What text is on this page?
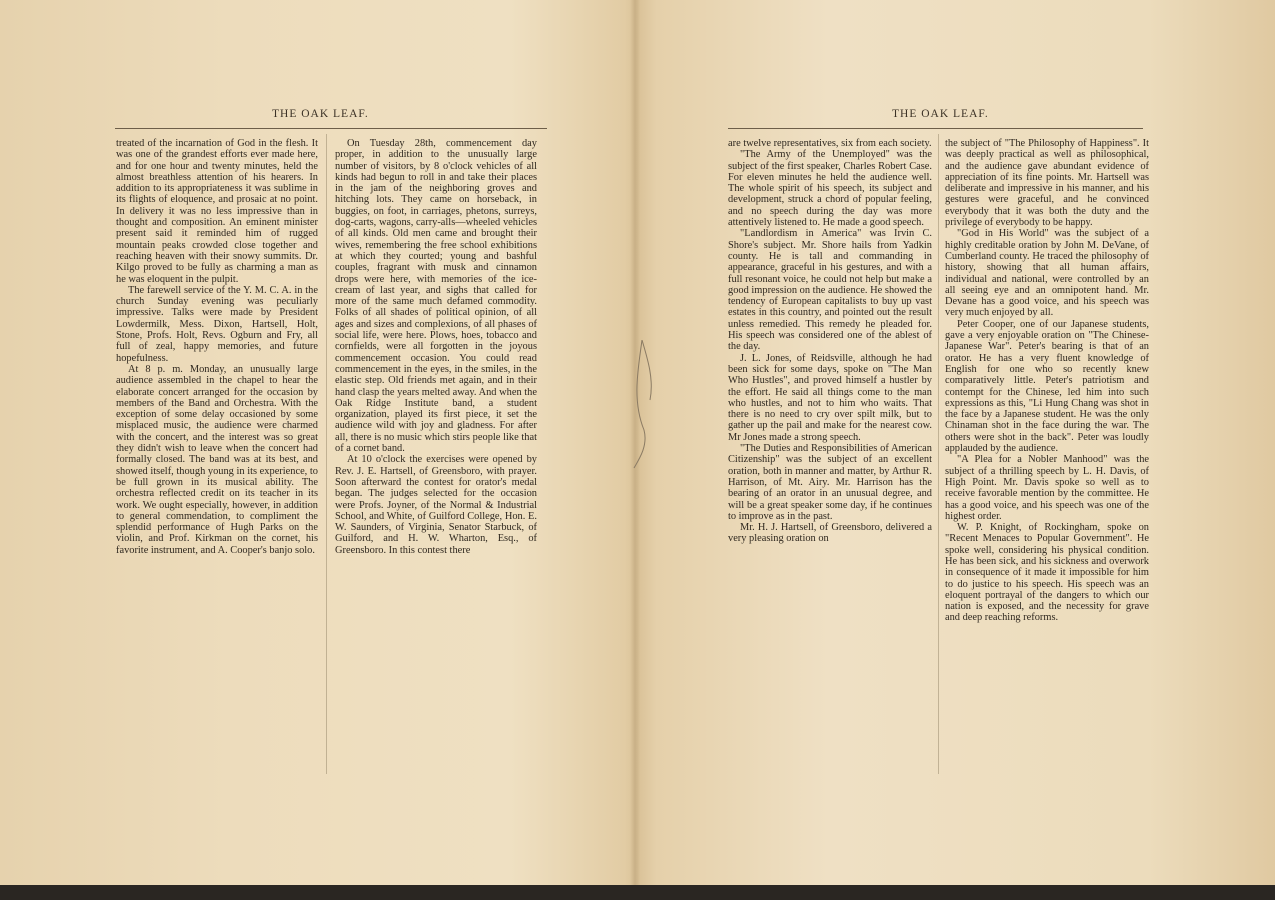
THE OAK LEAF.

treated of the incarnation of God in the flesh. It was one of the grandest efforts ever made here, and for one hour and twenty minutes, held the almost breathless attention of his hearers. In addition to its appropriateness it was sublime in its flights of eloquence, and prosaic at no point. In delivery it was no less impressive than in thought and composition. An eminent minister present said it reminded him of rugged mountain peaks crowded close together and reaching heaven with their snowy summits. Dr. Kilgo proved to be fully as charming a man as he was eloquent in the pulpit.

The farewell service of the Y. M. C. A. in the church Sunday evening was peculiarly impressive. Talks were made by President Lowdermilk, Mess. Dixon, Hartsell, Holt, Stone, Profs. Holt, Revs. Ogburn and Fry, all full of zeal, happy memories, and future hopefulness.

At 8 p. m. Monday, an unusually large audience assembled in the chapel to hear the elaborate concert arranged for the occasion by members of the Band and Orchestra. With the exception of some delay occasioned by some misplaced music, the audience were charmed with the concert, and the interest was so great they didn't wish to leave when the concert had formally closed. The band was at its best, and showed itself, though young in its experience, to be full grown in its musical ability. The orchestra reflected credit on its teacher in its work. We ought especially, however, in addition to general commendation, to compliment the splendid performance of Hugh Parks on the violin, and Prof. Kirkman on the cornet, his favorite instrument, and A. Cooper's banjo solo.

On Tuesday 28th, commencement day proper, in addition to the unusually large number of visitors, by 8 o'clock vehicles of all kinds had begun to roll in and take their places in the jam of the neighboring groves and hitching lots. They came on horseback, in buggies, on foot, in carriages, phetons, surreys, dog-carts, wagons, carry-alls—wheeled vehicles of all kinds. Old men came and brought their wives, remembering the free school exhibitions at which they courted; young and bashful couples, fragrant with musk and cinnamon drops were here, with memories of the ice-cream of last year, and sighs that called for more of the same much defamed commodity. Folks of all shades of political opinion, of all ages and sizes and complexions, of all phases of social life, were here. Plows, hoes, tobacco and cornfields, were all forgotten in the joyous commencement occasion. You could read commencement in the eyes, in the smiles, in the elastic step. Old friends met again, and in their hand clasp the years melted away. And when the Oak Ridge Institute band, a student organization, played its first piece, it set the audience wild with joy and gladness. For after all, there is no music which stirs people like that of a cornet band.

At 10 o'clock the exercises were opened by Rev. J. E. Hartsell, of Greensboro, with prayer. Soon afterward the contest for orator's medal began. The judges selected for the occasion were Profs. Joyner, of the Normal & Industrial School, and White, of Guilford College, Hon. E. W. Saunders, of Virginia, Senator Starbuck, of Guilford, and H. W. Wharton, Esq., of Greensboro. In this contest there

THE OAK LEAF.

are twelve representatives, six from each society.

"The Army of the Unemployed" was the subject of the first speaker, Charles Robert Case. For eleven minutes he held the audience well. The whole spirit of his speech, its subject and development, struck a chord of popular feeling, and no speech during the day was more attentively listened to. He made a good speech.

"Landlordism in America" was Irvin C. Shore's subject. Mr. Shore hails from Yadkin county. He is tall and commanding in appearance, graceful in his gestures, and with a full resonant voice, he could not help but make a good impression on the audience. He showed the tendency of European capitalists to buy up vast estates in this country, and pointed out the result unless remedied. This remedy he pleaded for. His speech was considered one of the ablest of the day.

J. L. Jones, of Reidsville, although he had been sick for some days, spoke on "The Man Who Hustles", and proved himself a hustler by the effort. He said all things come to the man who hustles, and not to him who waits. That there is no need to cry over spilt milk, but to gather up the pail and make for the nearest cow. Mr Jones made a strong speech.

"The Duties and Responsibilities of American Citizenship" was the subject of an excellent oration, both in manner and matter, by Arthur R. Harrison, of Mt. Airy. Mr. Harrison has the bearing of an orator in an unusual degree, and will be a great speaker some day, if he continues to improve as in the past.

Mr. H. J. Hartsell, of Greensboro, delivered a very pleasing oration on

the subject of "The Philosophy of Happiness". It was deeply practical as well as philosophical, and the audience gave abundant evidence of appreciation of its fine points. Mr. Hartsell was deliberate and impressive in his manner, and his gestures were graceful, and he convinced everybody that it was both the duty and the privilege of everybody to be happy.

"God in His World" was the subject of a highly creditable oration by John M. DeVane, of Cumberland county. He traced the philosophy of history, showing that all human affairs, individual and national, were controlled by an all seeing eye and an omnipotent hand. Mr. Devane has a good voice, and his speech was very much enjoyed by all.

Peter Cooper, one of our Japanese students, gave a very enjoyable oration on "The Chinese-Japanese War". Peter's bearing is that of an orator. He has a very fluent knowledge of English for one who so recently knew comparatively little. Peter's patriotism and contempt for the Chinese, led him into such expressions as this, "Li Hung Chang was shot in the face by a Japanese student. He was the only Chinaman shot in the face during the war. The others were shot in the back". Peter was loudly applauded by the audience.

"A Plea for a Nobler Manhood" was the subject of a thrilling speech by L. H. Davis, of High Point. Mr. Davis spoke so well as to receive favorable mention by the committee. He has a good voice, and his speech was one of the highest order.

W. P. Knight, of Rockingham, spoke on "Recent Menaces to Popular Government". He spoke well, considering his physical condition. He has been sick, and his sickness and overwork in consequence of it made it impossible for him to do justice to his speech. His speech was an eloquent portrayal of the dangers to which our nation is exposed, and the necessity for grave and deep reaching reforms.
